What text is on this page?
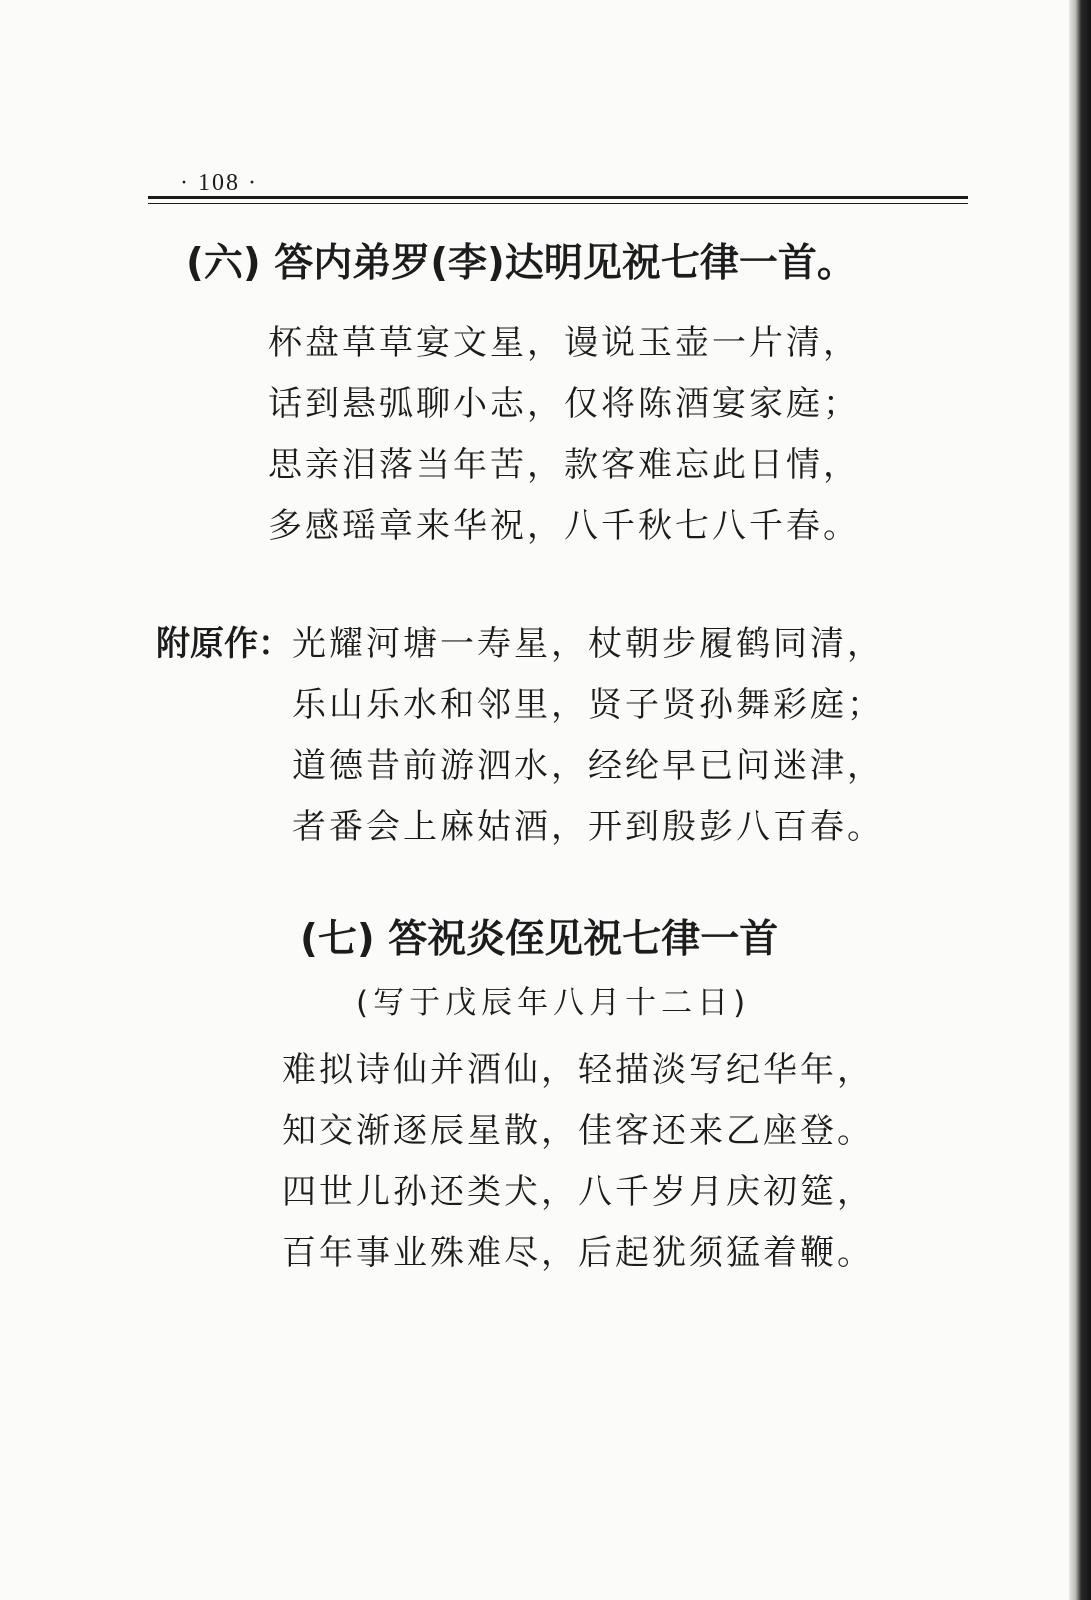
· 108 ·
(六) 答内弟罗(李)达明见祝七律一首。
杯盘草草宴文星，谩说玉壶一片清，
话到悬弧聊小志，仅将陈酒宴家庭；
思亲泪落当年苦，款客难忘此日情，
多感瑶章来华祝，八千秋七八千春。
附原作： 光耀河塘一寿星，杖朝步履鹤同清，
乐山乐水和邻里，贤子贤孙舞彩庭；
道德昔前游泗水，经纶早已问迷津，
者番会上麻姑酒，开到殷彭八百春。
(七) 答祝炎侄见祝七律一首
(写于戊辰年八月十二日)
难拟诗仙并酒仙，轻描淡写纪华年，
知交渐逐辰星散，佳客还来乙座登。
四世儿孙还类犬，八千岁月庆初筵，
百年事业殊难尽，后起犹须猛着鞭。
